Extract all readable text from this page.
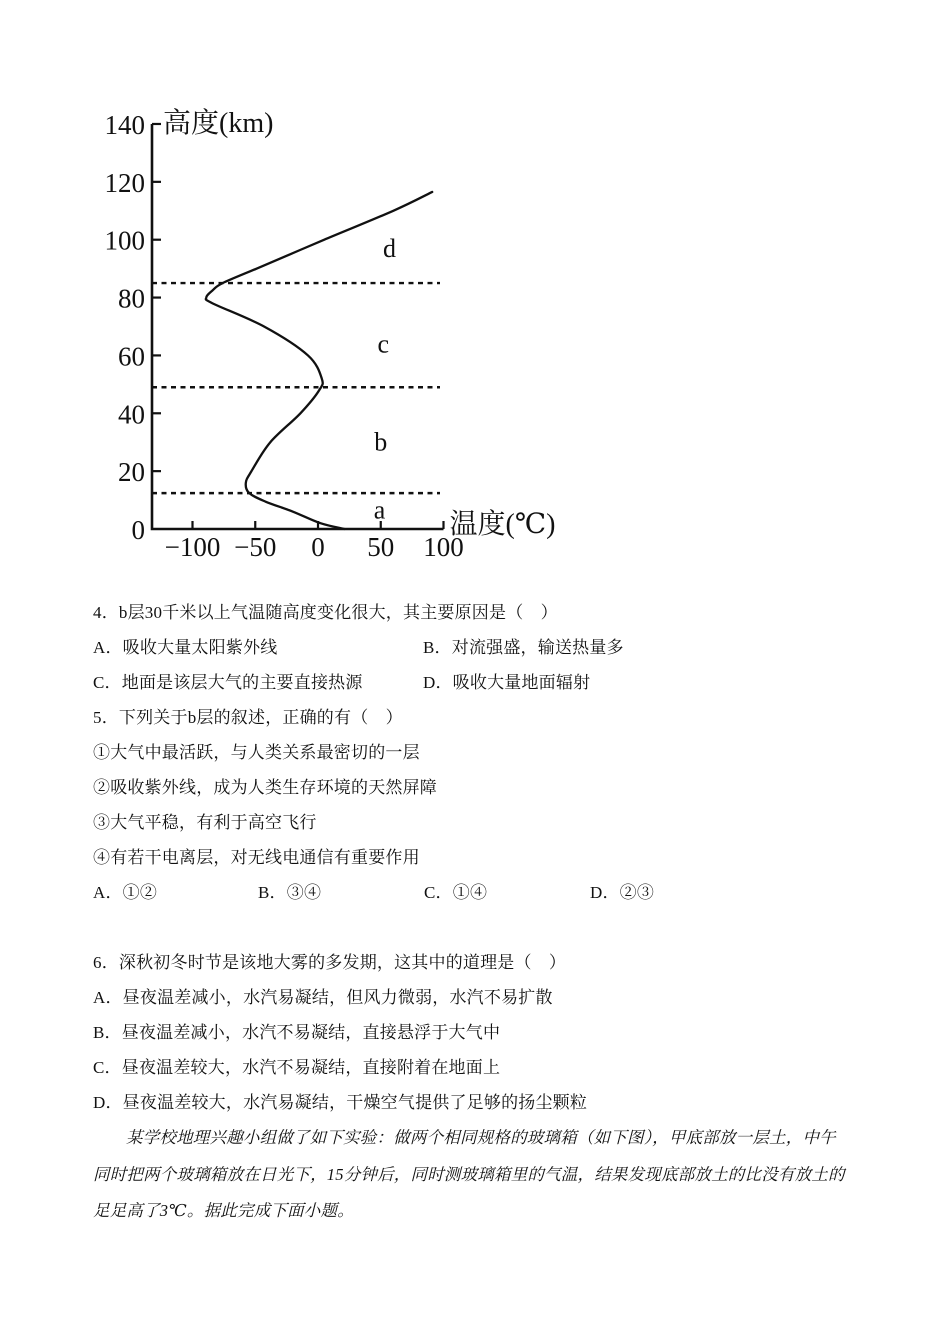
0
20
40
60
80
100
120
140
−100 −50 0 50 100
a
b
c
d
高度(km)
温度(℃)
4．b层30千米以上气温随高度变化很大，其主要原因是（　）
A．吸收大量太阳紫外线	B．对流强盛，输送热量多
C．地面是该层大气的主要直接热源	D．吸收大量地面辐射
5．下列关于b层的叙述，正确的有（　）
①大气中最活跃，与人类关系最密切的一层
②吸收紫外线，成为人类生存环境的天然屏障
③大气平稳，有利于高空飞行
④有若干电离层，对无线电通信有重要作用
A．①②	B．③④	C．①④	D．②③
6．深秋初冬时节是该地大雾的多发期，这其中的道理是（　）
A．昼夜温差减小，水汽易凝结，但风力微弱，水汽不易扩散
B．昼夜温差减小，水汽不易凝结，直接悬浮于大气中
C．昼夜温差较大，水汽不易凝结，直接附着在地面上
D．昼夜温差较大，水汽易凝结，干燥空气提供了足够的扬尘颗粒
某学校地理兴趣小组做了如下实验：做两个相同规格的玻璃箱（如下图），甲底部放一层土，中午
同时把两个玻璃箱放在日光下，15分钟后，同时测玻璃箱里的气温，结果发现底部放土的比没有放土的
足足高了3℃。据此完成下面小题。
